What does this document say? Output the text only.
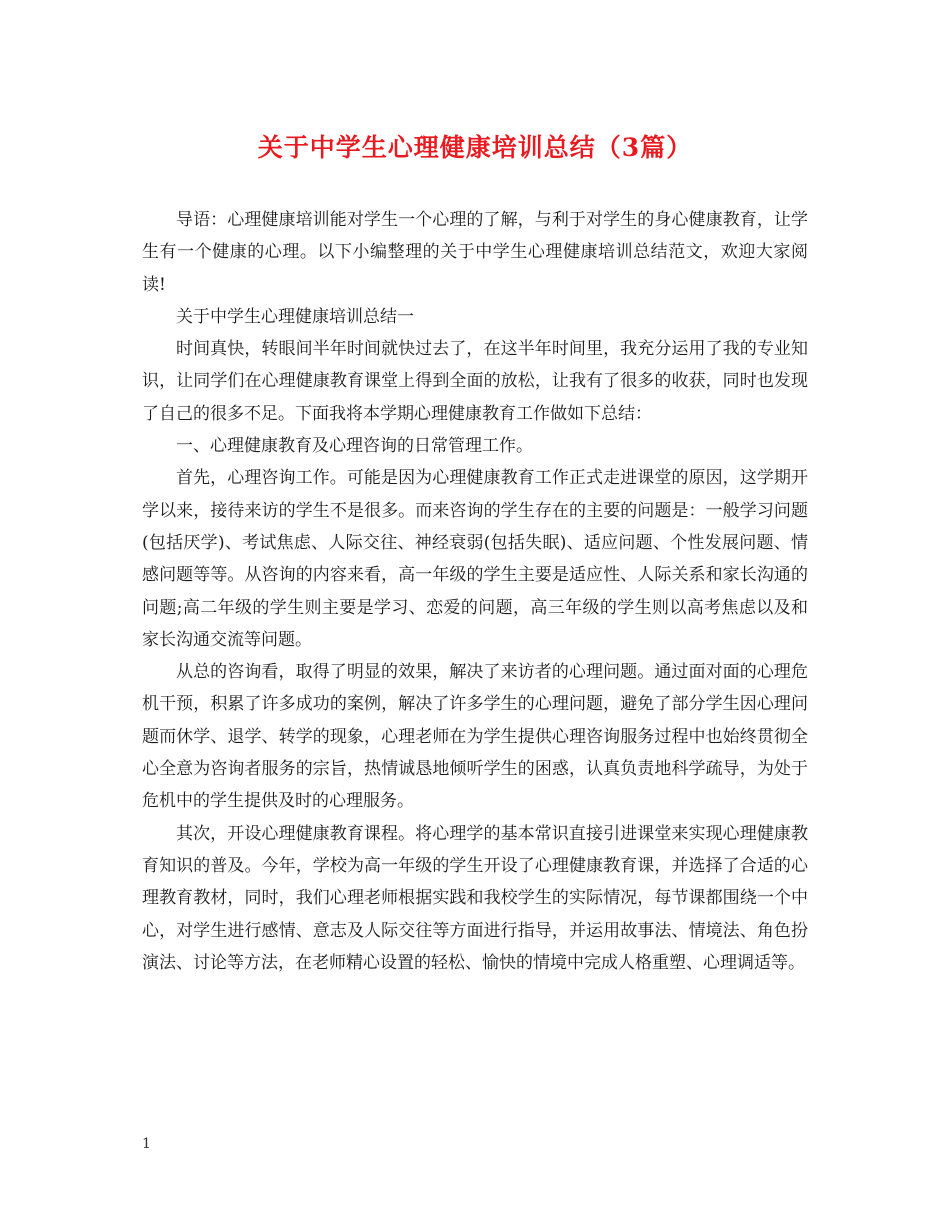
关于中学生心理健康培训总结（3篇）

导语：心理健康培训能对学生一个心理的了解，与利于对学生的身心健康教育，让学生有一个健康的心理。以下小编整理的关于中学生心理健康培训总结范文，欢迎大家阅读!

关于中学生心理健康培训总结一

时间真快，转眼间半年时间就快过去了，在这半年时间里，我充分运用了我的专业知识，让同学们在心理健康教育课堂上得到全面的放松，让我有了很多的收获，同时也发现了自己的很多不足。下面我将本学期心理健康教育工作做如下总结：

一、心理健康教育及心理咨询的日常管理工作。

首先，心理咨询工作。可能是因为心理健康教育工作正式走进课堂的原因，这学期开学以来，接待来访的学生不是很多。而来咨询的学生存在的主要的问题是：一般学习问题(包括厌学)、考试焦虑、人际交往、神经衰弱(包括失眠)、适应问题、个性发展问题、情感问题等等。从咨询的内容来看，高一年级的学生主要是适应性、人际关系和家长沟通的问题;高二年级的学生则主要是学习、恋爱的问题，高三年级的学生则以高考焦虑以及和家长沟通交流等问题。

从总的咨询看，取得了明显的效果，解决了来访者的心理问题。通过面对面的心理危机干预，积累了许多成功的案例，解决了许多学生的心理问题，避免了部分学生因心理问题而休学、退学、转学的现象，心理老师在为学生提供心理咨询服务过程中也始终贯彻全心全意为咨询者服务的宗旨，热情诚恳地倾听学生的困惑，认真负责地科学疏导，为处于危机中的学生提供及时的心理服务。

其次，开设心理健康教育课程。将心理学的基本常识直接引进课堂来实现心理健康教育知识的普及。今年，学校为高一年级的学生开设了心理健康教育课，并选择了合适的心理教育教材，同时，我们心理老师根据实践和我校学生的实际情况，每节课都围绕一个中心，对学生进行感情、意志及人际交往等方面进行指导，并运用故事法、情境法、角色扮演法、讨论等方法，在老师精心设置的轻松、愉快的情境中完成人格重塑、心理调适等。

1
